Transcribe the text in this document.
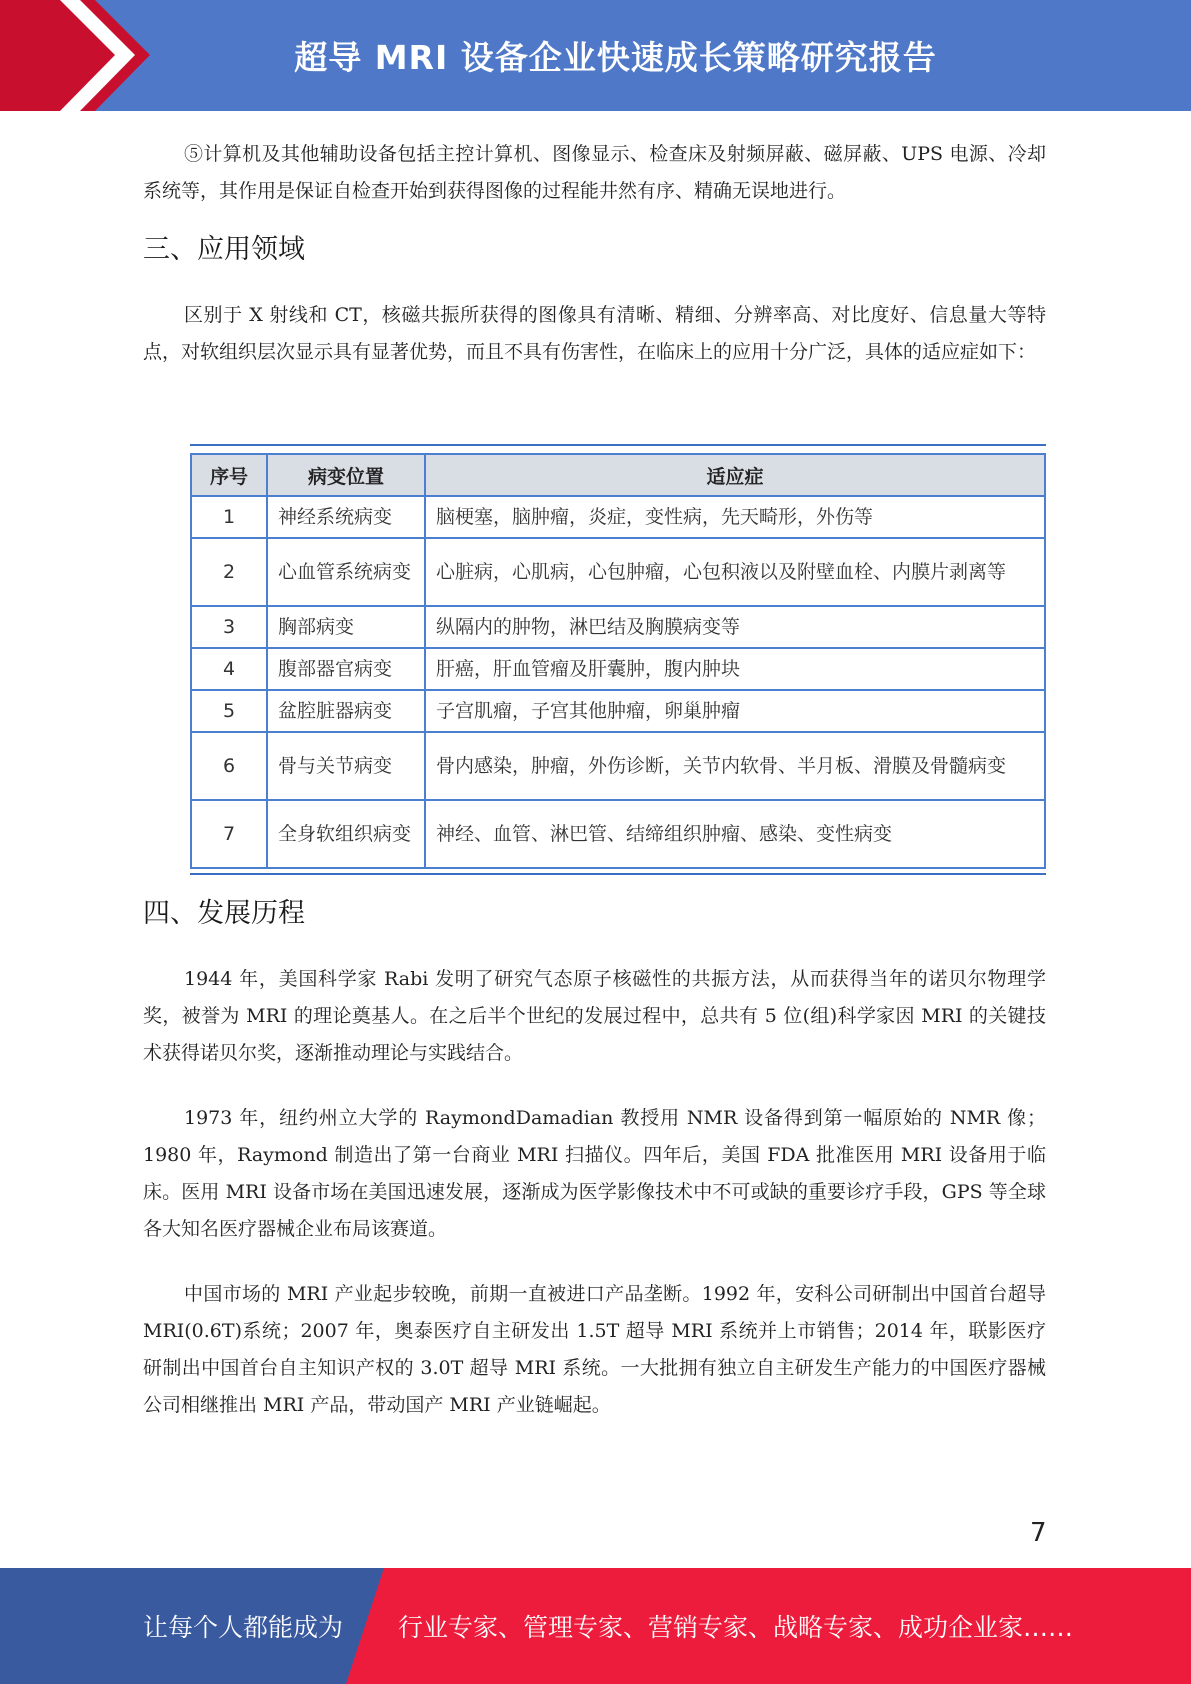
超导 MRI 设备企业快速成长策略研究报告

⑤计算机及其他辅助设备包括主控计算机、图像显示、检查床及射频屏蔽、磁屏蔽、UPS 电源、冷却系统等，其作用是保证自检查开始到获得图像的过程能井然有序、精确无误地进行。

三、应用领域

区别于 X 射线和 CT，核磁共振所获得的图像具有清晰、精细、分辨率高、对比度好、信息量大等特点，对软组织层次显示具有显著优势，而且不具有伤害性，在临床上的应用十分广泛，具体的适应症如下：

序号	病变位置	适应症
1	神经系统病变	脑梗塞，脑肿瘤，炎症，变性病，先天畸形，外伤等
2	心血管系统病变	心脏病，心肌病，心包肿瘤，心包积液以及附壁血栓、内膜片剥离等
3	胸部病变	纵隔内的肿物，淋巴结及胸膜病变等
4	腹部器官病变	肝癌，肝血管瘤及肝囊肿，腹内肿块
5	盆腔脏器病变	子宫肌瘤，子宫其他肿瘤，卵巢肿瘤
6	骨与关节病变	骨内感染，肿瘤，外伤诊断，关节内软骨、半月板、滑膜及骨髓病变
7	全身软组织病变	神经、血管、淋巴管、结缔组织肿瘤、感染、变性病变
四、发展历程

1944 年，美国科学家 Rabi 发明了研究气态原子核磁性的共振方法，从而获得当年的诺贝尔物理学奖，被誉为 MRI 的理论奠基人。在之后半个世纪的发展过程中，总共有 5 位(组)科学家因 MRI 的关键技术获得诺贝尔奖，逐渐推动理论与实践结合。

1973 年，纽约州立大学的 RaymondDamadian 教授用 NMR 设备得到第一幅原始的 NMR 像；1980 年，Raymond 制造出了第一台商业 MRI 扫描仪。四年后，美国 FDA 批准医用 MRI 设备用于临床。医用 MRI 设备市场在美国迅速发展，逐渐成为医学影像技术中不可或缺的重要诊疗手段，GPS 等全球各大知名医疗器械企业布局该赛道。

中国市场的 MRI 产业起步较晚，前期一直被进口产品垄断。1992 年，安科公司研制出中国首台超导 MRI(0.6T)系统；2007 年，奥泰医疗自主研发出 1.5T 超导 MRI 系统并上市销售；2014 年，联影医疗研制出中国首台自主知识产权的 3.0T 超导 MRI 系统。一大批拥有独立自主研发生产能力的中国医疗器械公司相继推出 MRI 产品，带动国产 MRI 产业链崛起。

7
让每个人都能成为 行业专家、管理专家、营销专家、战略专家、成功企业家……
